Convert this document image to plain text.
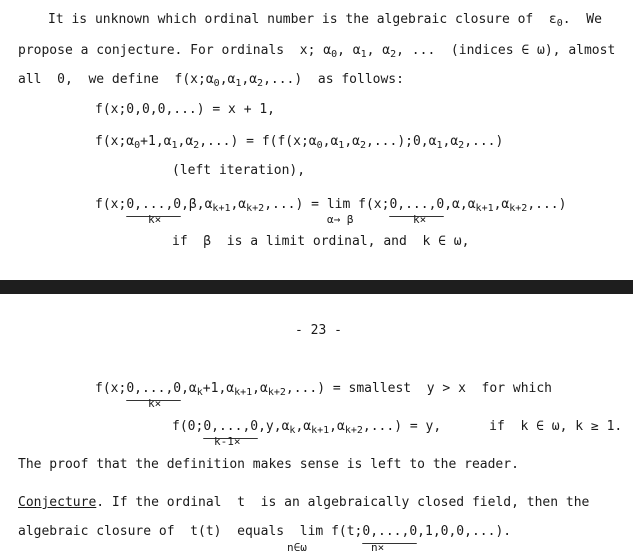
It is unknown which ordinal number is the algebraic closure of  $\varepsilon_0$.  We
propose a conjecture. For ordinals  x; $\alpha_0$, $\alpha_1$, $\alpha_2$, ...  (indices ∈ ω), almost
all  0,  we define  $f(x;\alpha_0,\alpha_1,\alpha_2,...)$  as follows:
f(x;0,0,0,...) = x + 1,
$f(x;\alpha_0+1,\alpha_1,\alpha_2,...)$ = $f(f(x;\alpha_0,\alpha_1,\alpha_2,...);0,\alpha_1,\alpha_2,...)$
(left iteration),
$f(x;0,...,0,\beta,\alpha_{k+1},\alpha_{k+2},...) = \lim$ $f(x;0,...,0,\alpha,\alpha_{k+1},\alpha_{k+2},...)$
k×	α→ β	k×
if  β  is a limit ordinal, and  k ∈ ω,
- 23 -
$f(x;0,...,0,\alpha_k+1,\alpha_{k+1},\alpha_{k+2},...)$ = smallest  y > x  for which
k×
$f(0;0,...,0,y,\alpha_k,\alpha_{k+1},\alpha_{k+2},...) = y$,	if  k ∈ ω, k ≥ 1.
k-1×
The proof that the definition makes sense is left to the reader.
Conjecture. If the ordinal  t  is an algebraically closed field, then the
algebraic closure of  t(t)  equals  lim f(t;0,...,0,1,0,0,...).
n∈ω	n×
